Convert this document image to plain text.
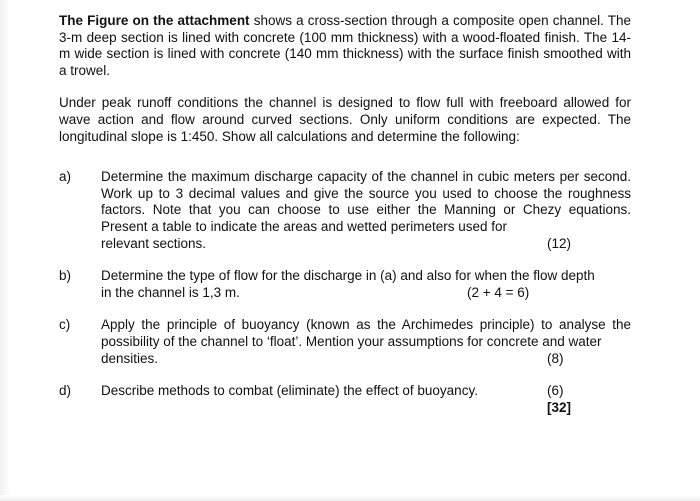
The Figure on the attachment shows a cross-section through a composite open channel. The 3-m deep section is lined with concrete (100 mm thickness) with a wood-floated finish. The 14-m wide section is lined with concrete (140 mm thickness) with the surface finish smoothed with a trowel.

Under peak runoff conditions the channel is designed to flow full with freeboard allowed for wave action and flow around curved sections. Only uniform conditions are expected. The longitudinal slope is 1:450. Show all calculations and determine the following:

a) Determine the maximum discharge capacity of the channel in cubic meters per second. Work up to 3 decimal values and give the source you used to choose the roughness factors. Note that you can choose to use either the Manning or Chezy equations. Present a table to indicate the areas and wetted perimeters used for
relevant sections.	(12)
b) Determine the type of flow for the discharge in (a) and also for when the flow depth
in the channel is 1,3 m.	(2 + 4 = 6)
c) Apply the principle of buoyancy (known as the Archimedes principle) to analyse the possibility of the channel to ‘float’. Mention your assumptions for concrete and water
densities.	(8)
d) Describe methods to combat (eliminate) the effect of buoyancy.	(6)
[32]
